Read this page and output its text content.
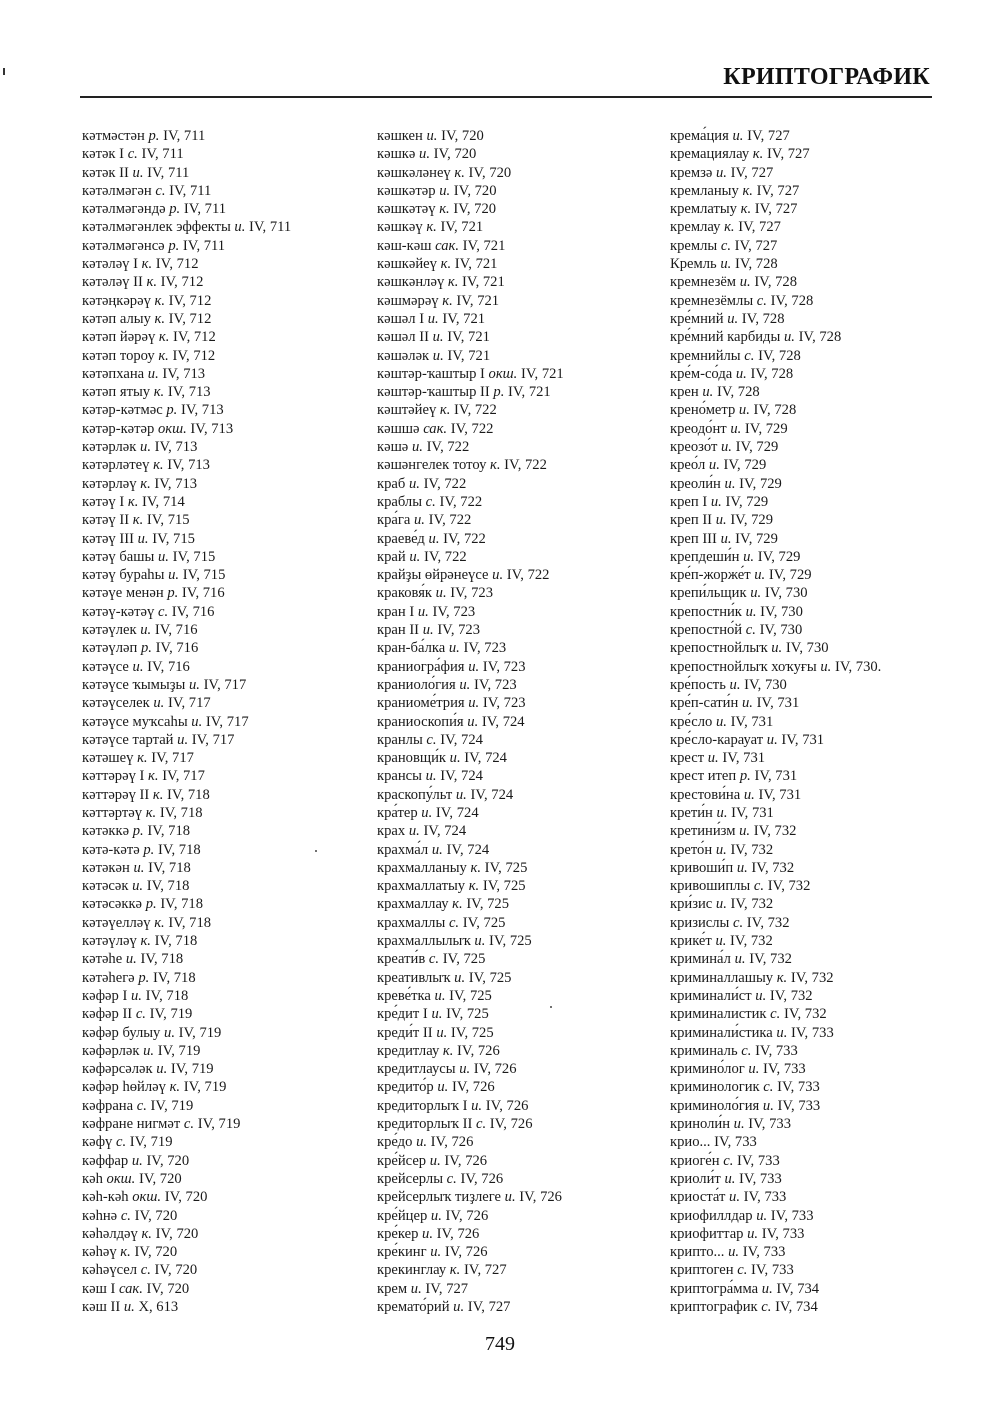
КРИПТОГРАФИК
кәтмәстән р. IV, 711
кәтәк I с. IV, 711
кәтәк II и. IV, 711
кәтәлмәгән с. IV, 711
кәтәлмәгәндә р. IV, 711
кәтәлмәгәнлек эффекты и. IV, 711
кәтәлмәгәнсә р. IV, 711
кәтәләү I к. IV, 712
кәтәләү II к. IV, 712
кәтәңкәрәү к. IV, 712
кәтәп алыу к. IV, 712
кәтәп йәрәү к. IV, 712
кәтәп тороу к. IV, 712
кәтәпхана и. IV, 713
кәтәп ятыу к. IV, 713
кәтәр-кәтмәс р. IV, 713
кәтәр-кәтәр окш. IV, 713
кәтәрләк и. IV, 713
кәтәрләтеү к. IV, 713
кәтәрләү к. IV, 713
кәтәү I к. IV, 714
кәтәү II к. IV, 715
кәтәү III и. IV, 715
кәтәү башы и. IV, 715
кәтәү бураһы и. IV, 715
кәтәүе менән р. IV, 716
кәтәү-кәтәү с. IV, 716
кәтәүлек и. IV, 716
кәтәүләп р. IV, 716
кәтәүсе и. IV, 716
кәтәүсе ҡымыҙы и. IV, 717
кәтәүселек и. IV, 717
кәтәүсе муҡсаһы и. IV, 717
кәтәүсе тартай и. IV, 717
кәтәшеү к. IV, 717
кәттәрәү I к. IV, 717
кәттәрәү II к. IV, 718
кәттәртәү к. IV, 718
кәтәккә р. IV, 718
кәтә-кәтә р. IV, 718
кәтәкән и. IV, 718
кәтәсәк и. IV, 718
кәтәсәккә р. IV, 718
кәтәүелләү к. IV, 718
кәтәүләү к. IV, 718
кәтәһе и. IV, 718
кәтәһегә р. IV, 718
кәфәр I и. IV, 718
кәфәр II с. IV, 719
кәфәр булыу и. IV, 719
кәфәрләк и. IV, 719
кәфәрсәләк и. IV, 719
кәфәр һөйләү к. IV, 719
кәфрана с. IV, 719
кәфране нигмәт с. IV, 719
кәфү с. IV, 719
кәффар и. IV, 720
кәһ окш. IV, 720
кәһ-кәһ окш. IV, 720
кәһнә с. IV, 720
кәһәлдәү к. IV, 720
кәһәү к. IV, 720
кәһәүсел с. IV, 720
кәш I сак. IV, 720
кәш II и. X, 613
кәшкен и. IV, 720
кәшкә и. IV, 720
кәшкәләнеү к. IV, 720
кәшкәтәр и. IV, 720
кәшкәтәү к. IV, 720
кәшкәү к. IV, 721
кәш-кәш сак. IV, 721
кәшкәйеү к. IV, 721
кәшкәнләү к. IV, 721
кәшмәрәү к. IV, 721
кәшәл I и. IV, 721
кәшәл II и. IV, 721
кәшәләк и. IV, 721
кәштәр-ҡаштыр I окш. IV, 721
кәштәр-ҡаштыр II р. IV, 721
кәштәйеү к. IV, 722
кәшшә сак. IV, 722
кәшә и. IV, 722
кәшәнгелек тотоу к. IV, 722
краб и. IV, 722
краблы с. IV, 722
кра́га и. IV, 722
краеве́д и. IV, 722
край и. IV, 722
крайҙы өйрәнеүсе и. IV, 722
краковя́к и. IV, 723
кран I и. IV, 723
кран II и. IV, 723
кран-ба́лка и. IV, 723
краниогра́фия и. IV, 723
краниоло́гия и. IV, 723
краниоме́трия и. IV, 723
краниоскопи́я и. IV, 724
кранлы с. IV, 724
крановщи́к и. IV, 724
крансы и. IV, 724
краскопу́льт и. IV, 724
кра́тер и. IV, 724
крах и. IV, 724
крахма́л и. IV, 724
крахмалланыу к. IV, 725
крахмаллатыу к. IV, 725
крахмаллау к. IV, 725
крахмаллы с. IV, 725
крахмаллылыҡ и. IV, 725
креати́в с. IV, 725
креативлыҡ и. IV, 725
креве́тка и. IV, 725
кре́дит I и. IV, 725
креди́т II и. IV, 725
кредитлау к. IV, 726
кредитлаусы и. IV, 726
кредито́р и. IV, 726
кредиторлыҡ I и. IV, 726
кредиторлыҡ II с. IV, 726
кре́до и. IV, 726
кре́йсер и. IV, 726
крейсерлы с. IV, 726
крейсерлыҡ тиҙлеге и. IV, 726
кре́йцер и. IV, 726
кре́кер и. IV, 726
кре́кинг и. IV, 726
крекинглау к. IV, 727
крем и. IV, 727
кремато́рий и. IV, 727
крема́ция и. IV, 727
кремациялау к. IV, 727
кремзә и. IV, 727
кремланыу к. IV, 727
кремлатыу к. IV, 727
кремлау к. IV, 727
кремлы с. IV, 727
Кремль и. IV, 728
кремнезём и. IV, 728
кремнезёмлы с. IV, 728
кре́мний и. IV, 728
кре́мний карбиды и. IV, 728
кремнийлы с. IV, 728
кре́м-со́да и. IV, 728
крен и. IV, 728
крено́метр и. IV, 728
креодо́нт и. IV, 729
креозо́т и. IV, 729
крео́л и. IV, 729
креоли́н и. IV, 729
креп I и. IV, 729
креп II и. IV, 729
креп III и. IV, 729
крепдеши́н и. IV, 729
кре́п-жорже́т и. IV, 729
крепи́льщик и. IV, 730
крепостни́к и. IV, 730
крепостно́й с. IV, 730
крепостнойлыҡ и. IV, 730
крепостнойлыҡ хоҡуғы и. IV, 730.
кре́пость и. IV, 730
кре́п-сати́н и. IV, 731
кре́сло и. IV, 731
кре́сло-карауат и. IV, 731
крест и. IV, 731
крест итеп р. IV, 731
крестови́на и. IV, 731
крети́н и. IV, 731
кретини́зм и. IV, 732
крето́н и. IV, 732
кривоши́п и. IV, 732
кривошиплы с. IV, 732
кри́зис и. IV, 732
кризислы с. IV, 732
крике́т и. IV, 732
кримина́л и. IV, 732
криминаллашыу к. IV, 732
криминали́ст и. IV, 732
криминалистик с. IV, 732
криминали́стика и. IV, 733
криминаль с. IV, 733
кримино́лог и. IV, 733
криминологик с. IV, 733
криминоло́гия и. IV, 733
криноли́н и. IV, 733
крио... IV, 733
криоге́н с. IV, 733
криоли́т и. IV, 733
криоста́т и. IV, 733
криофиллдар и. IV, 733
криофиттар и. IV, 733
крипто... и. IV, 733
криптоген с. IV, 733
криптогра́мма и. IV, 734
криптографик с. IV, 734
749
